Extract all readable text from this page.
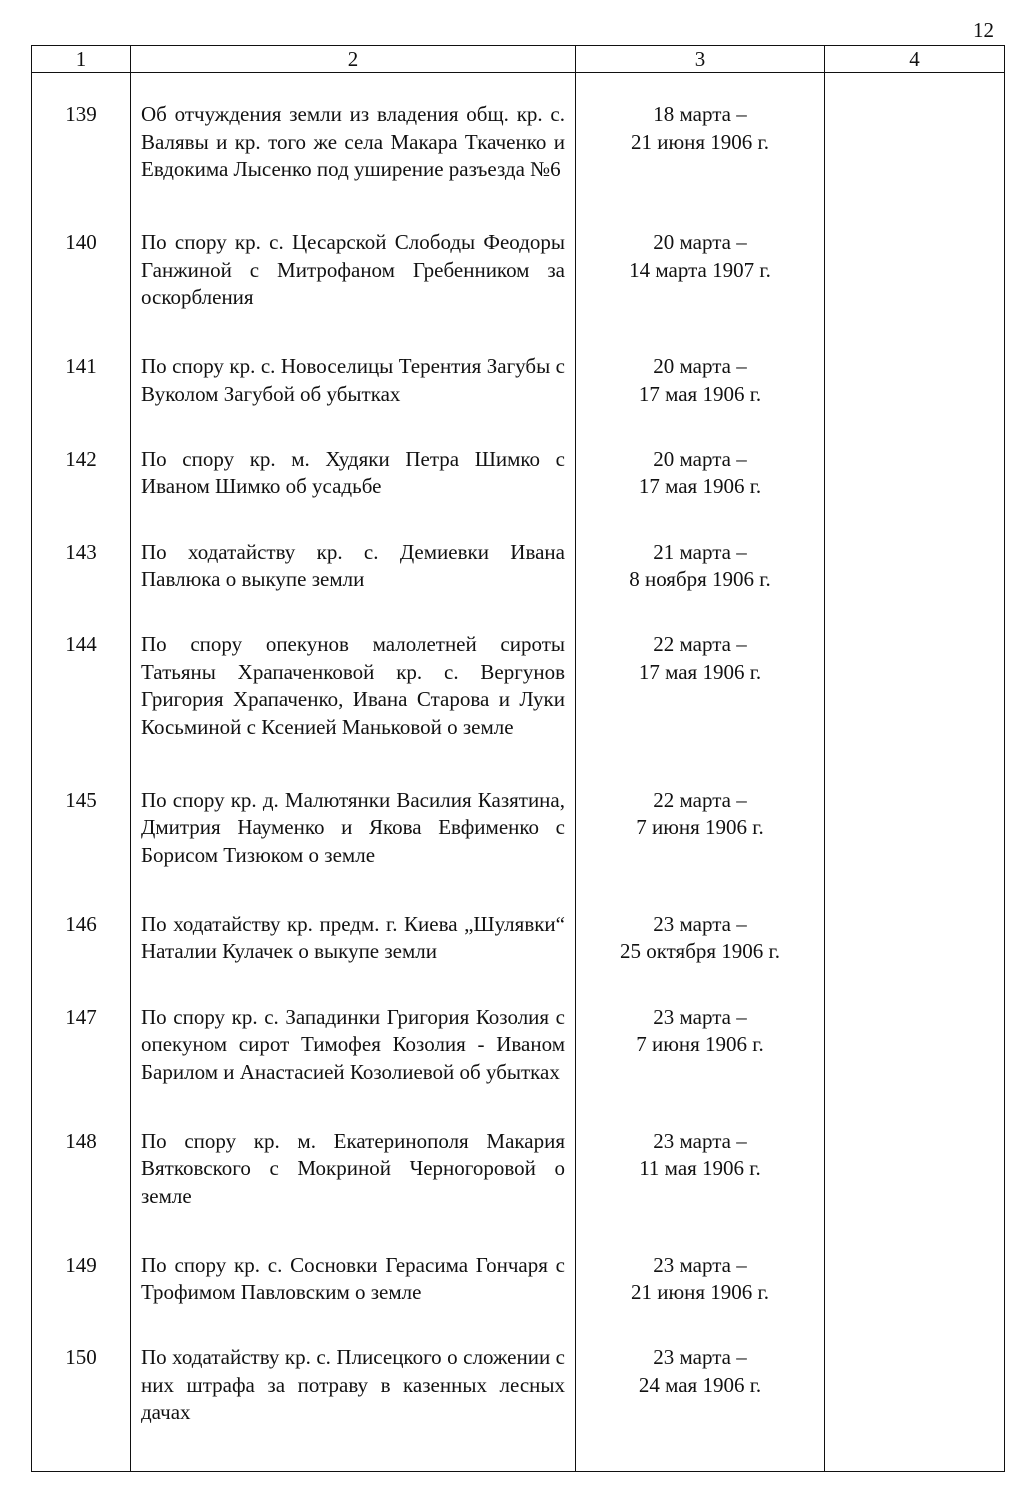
12
1	2	3	4
139	Об отчуждения земли из владения общ. кр. с. Валявы и кр. того же села Макара Ткаченко и Евдокима Лысенко под уширение разъезда №6	18 марта –
21 июня 1906 г.	

140	По спору кр. с. Цесарской Слободы Феодоры Ганжиной с Митрофаном Гребенником за оскорбления	20 марта –
14 марта 1907 г.	

141	По спору кр. с. Новоселицы Терентия Загубы с Вуколом Загубой об убытках	20 марта –
17 мая 1906 г.	

142	По спору кр. м. Худяки Петра Шимко с Иваном Шимко об усадьбе	20 марта –
17 мая 1906 г.	

143	По ходатайству кр. с. Демиевки Ивана Павлюка о выкупе земли	21 марта –
8 ноября 1906 г.	

144	По спору опекунов малолетней сироты Татьяны Храпаченковой кр. с. Вергунов Григория Храпаченко, Ивана Старова и Луки Косьминой с Ксенией Маньковой о земле	22 марта –
17 мая 1906 г.	

145	По спору кр. д. Малютянки Василия Казятина, Дмитрия Науменко и Якова Евфименко с Борисом Тизюком о земле	22 марта –
7 июня 1906 г.	

146	По ходатайству кр. предм. г. Киева „Шулявки“ Наталии Кулачек о выкупе земли	23 марта –
25 октября 1906 г.	

147	По спору кр. с. Западинки Григория Козолия с опекуном сирот Тимофея Козолия - Иваном Барилом и Анастасией Козолиевой об убытках	23 марта –
7 июня 1906 г.	

148	По спору кр. м. Екатеринополя Макария Вятковского с Мокриной Черногоровой о земле	23 марта –
11 мая 1906 г.	

149	По спору кр. с. Сосновки Герасима Гончаря с Трофимом Павловским о земле	23 марта –
21 июня 1906 г.	

150	По ходатайству кр. с. Плисецкого о сложении с них штрафа за потраву в казенных лесных дачах	23 марта –
24 мая 1906 г.	
